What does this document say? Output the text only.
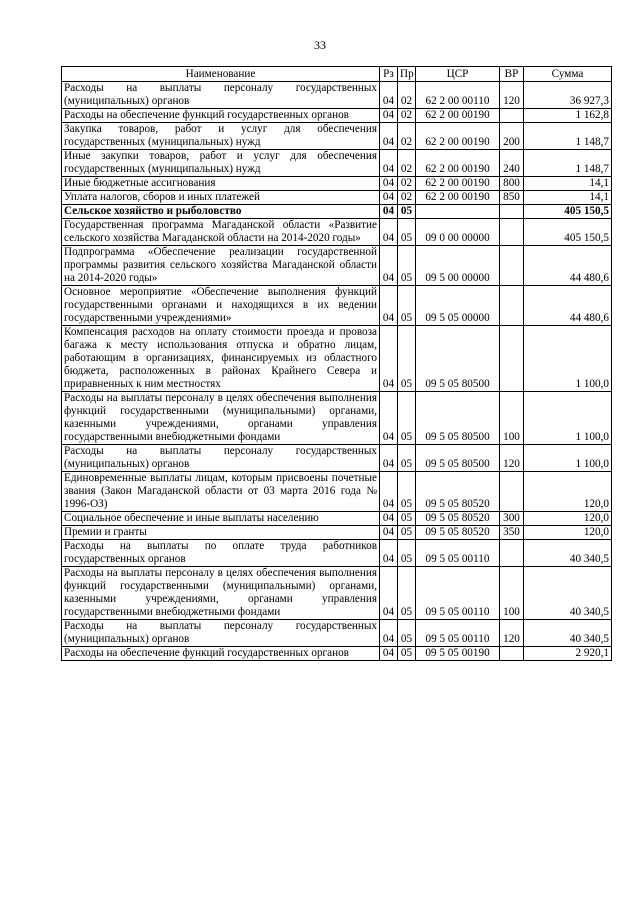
33
Наименование	Рз	Пр	ЦСР	ВР	Сумма
Расходы на выплаты персоналу государственных (муниципальных) органов	04	02	62 2 00 00110	120	36 927,3
Расходы на обеспечение функций государственных органов	04	02	62 2 00 00190		1 162,8
Закупка товаров, работ и услуг для обеспечения государственных (муниципальных) нужд	04	02	62 2 00 00190	200	1 148,7
Иные закупки товаров, работ и услуг для обеспечения государственных (муниципальных) нужд	04	02	62 2 00 00190	240	1 148,7
Иные бюджетные ассигнования	04	02	62 2 00 00190	800	14,1
Уплата налогов, сборов и иных платежей	04	02	62 2 00 00190	850	14,1
Сельское хозяйство и рыболовство	04	05			405 150,5
Государственная программа Магаданской области «Развитие сельского хозяйства Магаданской области на 2014-2020 годы»	04	05	09 0 00 00000		405 150,5
Подпрограмма «Обеспечение реализации государственной программы развития сельского хозяйства Магаданской области на 2014-2020 годы»	04	05	09 5 00 00000		44 480,6
Основное мероприятие «Обеспечение выполнения функций государственными органами и находящихся в их ведении государственными учреждениями»	04	05	09 5 05 00000		44 480,6
Компенсация расходов на оплату стоимости проезда и провоза багажа к месту использования отпуска и обратно лицам, работающим в организациях, финансируемых из областного бюджета, расположенных в районах Крайнего Севера и приравненных к ним местностях	04	05	09 5 05 80500		1 100,0
Расходы на выплаты персоналу в целях обеспечения выполнения функций государственными (муниципальными) органами, казенными учреждениями, органами управления государственными внебюджетными фондами	04	05	09 5 05 80500	100	1 100,0
Расходы на выплаты персоналу государственных (муниципальных) органов	04	05	09 5 05 80500	120	1 100,0
Единовременные выплаты лицам, которым присвоены почетные звания (Закон Магаданской области от 03 марта 2016 года № 1996-ОЗ)	04	05	09 5 05 80520		120,0
Социальное обеспечение и иные выплаты населению	04	05	09 5 05 80520	300	120,0
Премии и гранты	04	05	09 5 05 80520	350	120,0
Расходы на выплаты по оплате труда работников государственных органов	04	05	09 5 05 00110		40 340,5
Расходы на выплаты персоналу в целях обеспечения выполнения функций государственными (муниципальными) органами, казенными учреждениями, органами управления государственными внебюджетными фондами	04	05	09 5 05 00110	100	40 340,5
Расходы на выплаты персоналу государственных (муниципальных) органов	04	05	09 5 05 00110	120	40 340,5
Расходы на обеспечение функций государственных органов	04	05	09 5 05 00190		2 920,1
